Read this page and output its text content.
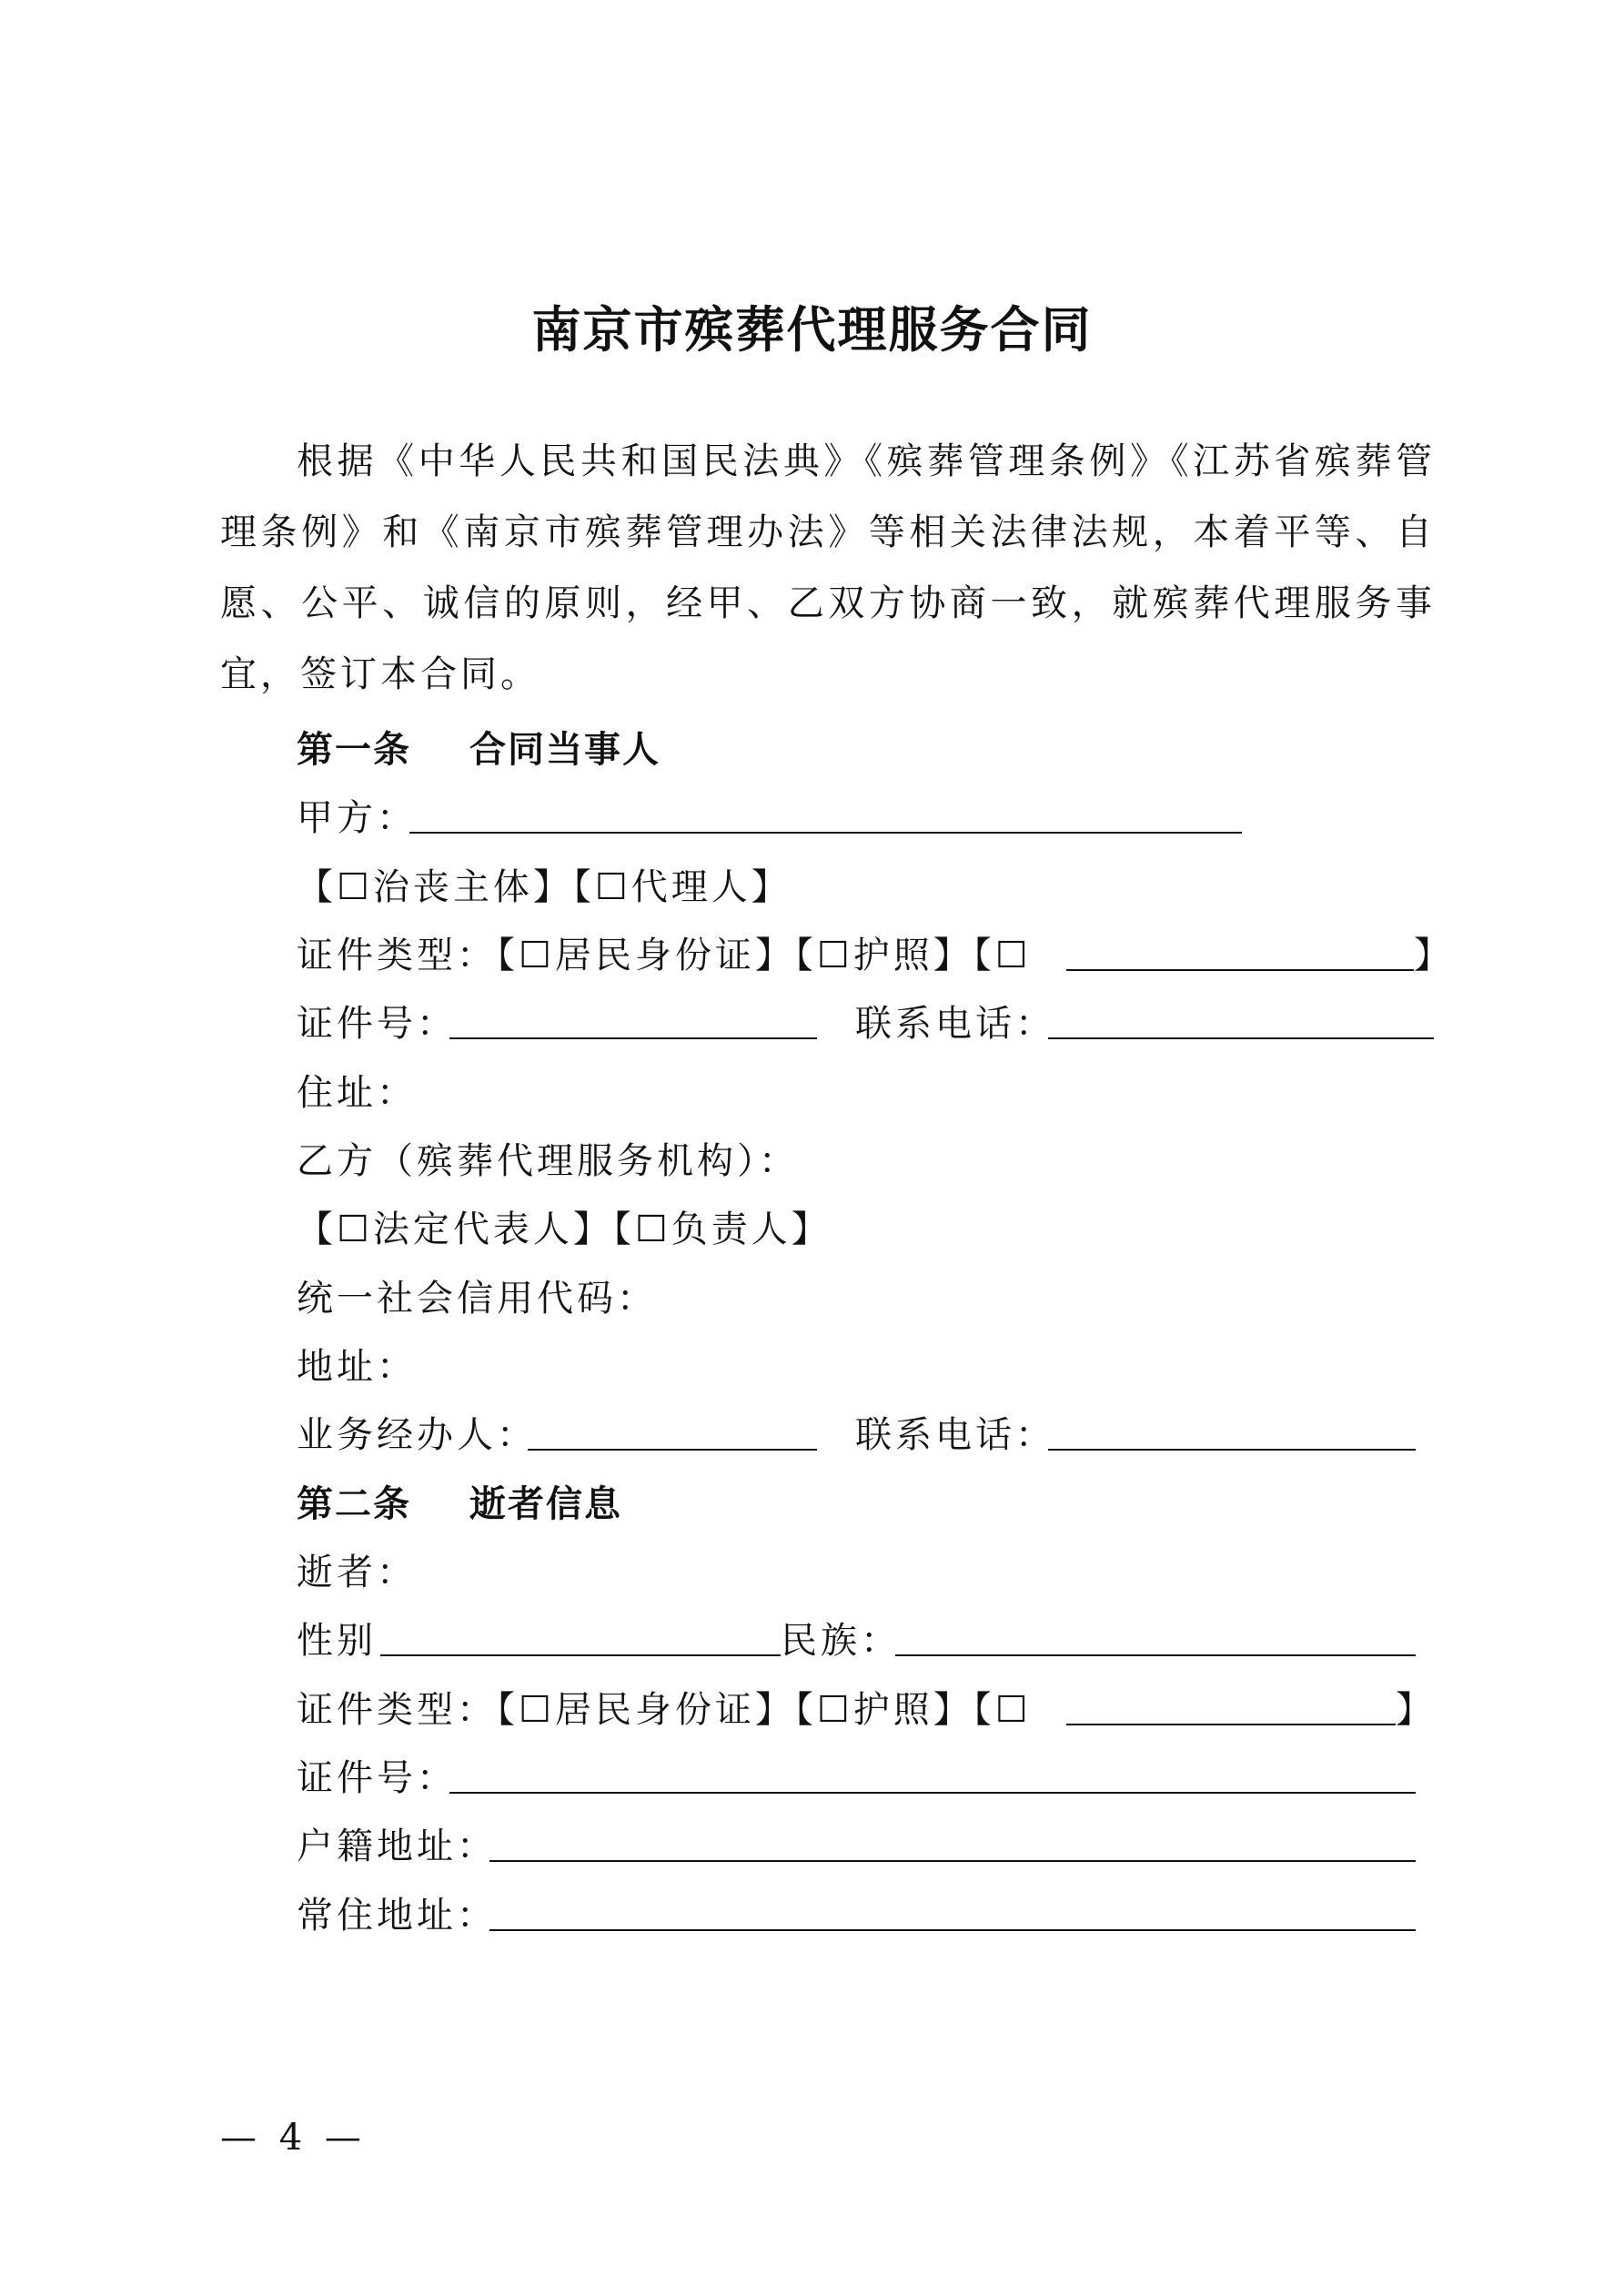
南京市殡葬代理服务合同
根据《中华人民共和国民法典》《殡葬管理条例》《江苏省殡葬管理条例》和《南京市殡葬管理办法》等相关法律法规，本着平等、自愿、公平、诚信的原则，经甲、乙双方协商一致，就殡葬代理服务事宜，签订本合同。
第一条 合同当事人
甲方：
【☐治丧主体】【☐代理人】
证件类型：【☐居民身份证】【☐护照】【☐	】
证件号：	联系电话：
住址：
乙方（殡葬代理服务机构）：
【☐法定代表人】【☐负责人】
统一社会信用代码：
地址：
业务经办人：	联系电话：
第二条 逝者信息
逝者：
性别	民族：
证件类型：【☐居民身份证】【☐护照】【☐	】
证件号：
户籍地址：
常住地址：
— 4 —
